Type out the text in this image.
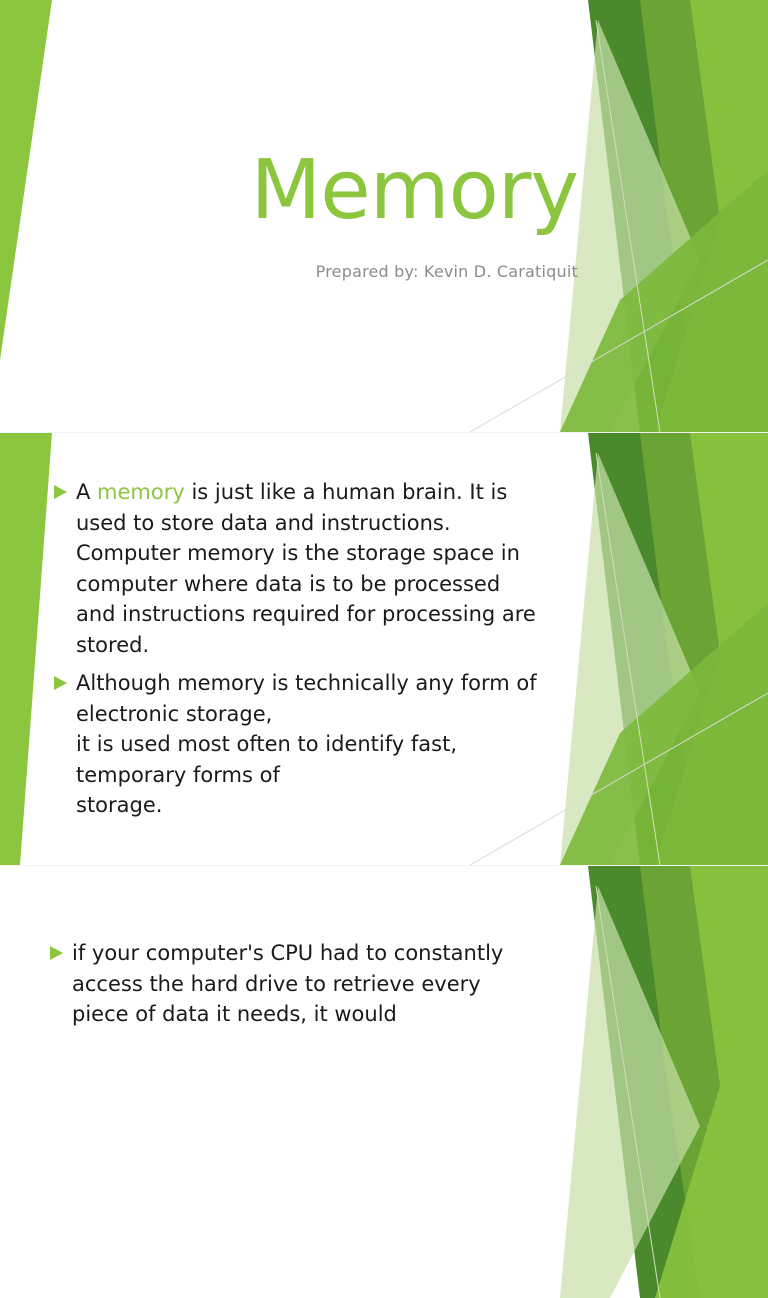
Memory

Prepared by: Kevin D. Caratiquit

A memory is just like a human brain. It is
used to store data and instructions.
Computer memory is the storage space in
computer where data is to be processed
and instructions required for processing are
stored.
Although memory is technically any form of
electronic storage,
it is used most often to identify fast,
temporary forms of
storage.
if your computer's CPU had to constantly
access the hard drive to retrieve every
piece of data it needs, it would
